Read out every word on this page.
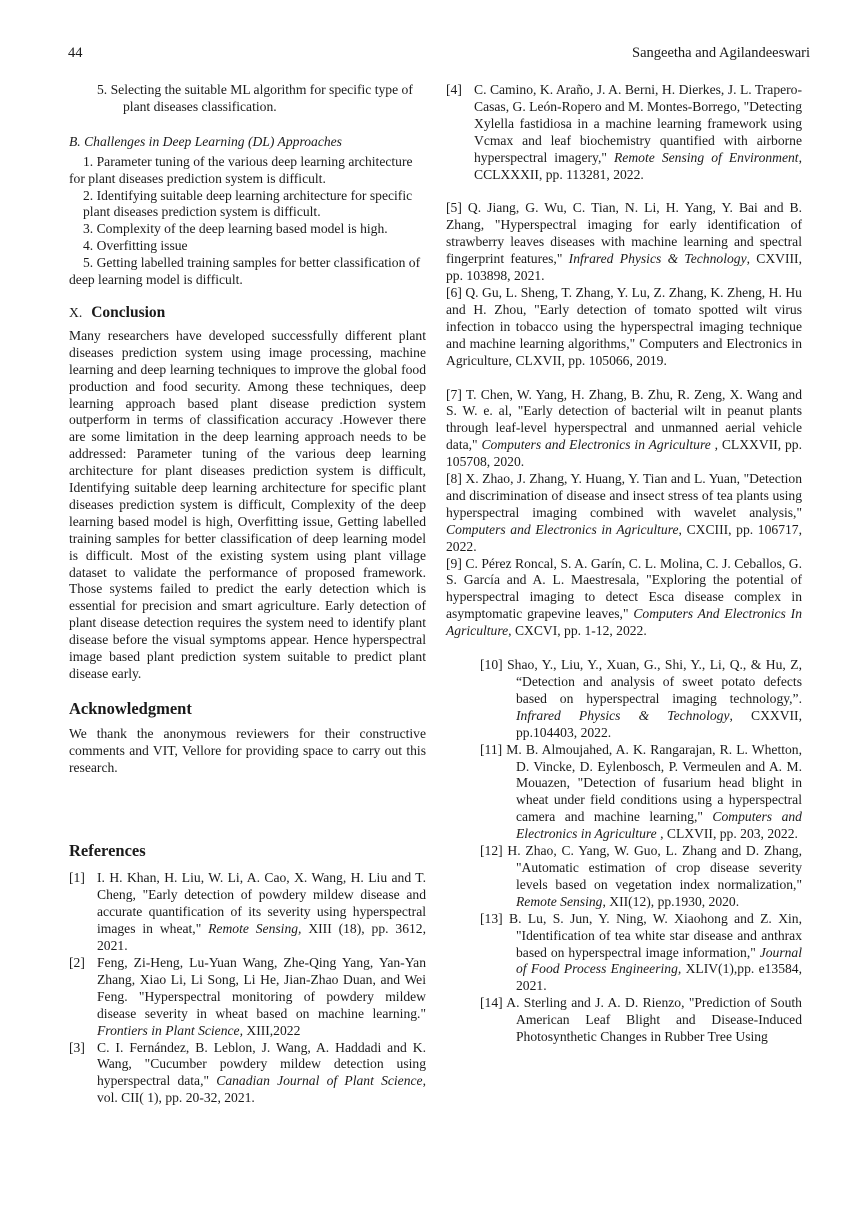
44	Sangeetha and Agilandeeswari

5. Selecting the suitable ML algorithm for specific type of plant diseases classification.

B. Challenges in Deep Learning (DL) Approaches

1. Parameter tuning of the various deep learning architecture for plant diseases prediction system is difficult.

2. Identifying suitable deep learning architecture for specific plant diseases prediction system is difficult.

3. Complexity of the deep learning based model is high.

4. Overfitting issue

5. Getting labelled training samples for better classification of deep learning model is difficult.

X. Conclusion

Many researchers have developed successfully different plant diseases prediction system using image processing, machine learning and deep learning techniques to improve the global food production and food security. Among these techniques, deep learning approach based plant disease prediction system outperform in terms of classification accuracy .However there are some limitation in the deep learning approach needs to be addressed: Parameter tuning of the various deep learning architecture for plant diseases prediction system is difficult, Identifying suitable deep learning architecture for specific plant diseases prediction system is difficult, Complexity of the deep learning based model is high, Overfitting issue, Getting labelled training samples for better classification of deep learning model is difficult. Most of the existing system using plant village dataset to validate the performance of proposed framework. Those systems failed to predict the early detection which is essential for precision and smart agriculture. Early detection of plant disease detection requires the system need to identify plant disease before the visual symptoms appear. Hence hyperspectral image based plant prediction system suitable to predict plant disease early.

Acknowledgment

We thank the anonymous reviewers for their constructive comments and VIT, Vellore for providing space to carry out this research.

References

[1] I. H. Khan, H. Liu, W. Li, A. Cao, X. Wang, H. Liu and T. Cheng, "Early detection of powdery mildew disease and accurate quantification of its severity using hyperspectral images in wheat," Remote Sensing, XIII (18), pp. 3612, 2021.
[2] Feng, Zi-Heng, Lu-Yuan Wang, Zhe-Qing Yang, Yan-Yan Zhang, Xiao Li, Li Song, Li He, Jian-Zhao Duan, and Wei Feng. "Hyperspectral monitoring of powdery mildew disease severity in wheat based on machine learning." Frontiers in Plant Science, XIII,2022
[3] C. I. Fernández, B. Leblon, J. Wang, A. Haddadi and K. Wang, "Cucumber powdery mildew detection using hyperspectral data," Canadian Journal of Plant Science, vol. CII( 1), pp. 20-32, 2021.
[4] C. Camino, K. Araño, J. A. Berni, H. Dierkes, J. L. Trapero-Casas, G. León-Ropero and M. Montes-Borrego, "Detecting Xylella fastidiosa in a machine learning framework using Vcmax and leaf biochemistry quantified with airborne hyperspectral imagery," Remote Sensing of Environment, CCLXXXII, pp. 113281, 2022.

[5] Q. Jiang, G. Wu, C. Tian, N. Li, H. Yang, Y. Bai and B. Zhang, "Hyperspectral imaging for early identification of strawberry leaves diseases with machine learning and spectral fingerprint features," Infrared Physics & Technology, CXVIII, pp. 103898, 2021.

[6] Q. Gu, L. Sheng, T. Zhang, Y. Lu, Z. Zhang, K. Zheng, H. Hu and H. Zhou, "Early detection of tomato spotted wilt virus infection in tobacco using the hyperspectral imaging technique and machine learning algorithms," Computers and Electronics in Agriculture, CLXVII, pp. 105066, 2019.

[7] T. Chen, W. Yang, H. Zhang, B. Zhu, R. Zeng, X. Wang and S. W. e. al, "Early detection of bacterial wilt in peanut plants through leaf-level hyperspectral and unmanned aerial vehicle data," Computers and Electronics in Agriculture , CLXXVII, pp. 105708, 2020.

[8] X. Zhao, J. Zhang, Y. Huang, Y. Tian and L. Yuan, "Detection and discrimination of disease and insect stress of tea plants using hyperspectral imaging combined with wavelet analysis," Computers and Electronics in Agriculture, CXCIII, pp. 106717, 2022.

[9] C. Pérez Roncal, S. A. Garín, C. L. Molina, C. J. Ceballos, G. S. García and A. L. Maestresala, "Exploring the potential of hyperspectral imaging to detect Esca disease complex in asymptomatic grapevine leaves," Computers And Electronics In Agriculture, CXCVI, pp. 1-12, 2022.

[10] Shao, Y., Liu, Y., Xuan, G., Shi, Y., Li, Q., & Hu, Z, “Detection and analysis of sweet potato defects based on hyperspectral imaging technology,”. Infrared Physics & Technology, CXXVII, pp.104403, 2022.

[11] M. B. Almoujahed, A. K. Rangarajan, R. L. Whetton, D. Vincke, D. Eylenbosch, P. Vermeulen and A. M. Mouazen, "Detection of fusarium head blight in wheat under field conditions using a hyperspectral camera and machine learning," Computers and Electronics in Agriculture , CLXVII, pp. 203, 2022.

[12] H. Zhao, C. Yang, W. Guo, L. Zhang and D. Zhang, "Automatic estimation of crop disease severity levels based on vegetation index normalization," Remote Sensing, XII(12), pp.1930, 2020.

[13] B. Lu, S. Jun, Y. Ning, W. Xiaohong and Z. Xin, "Identification of tea white star disease and anthrax based on hyperspectral image information," Journal of Food Process Engineering, XLIV(1),pp. e13584, 2021.

[14] A. Sterling and J. A. D. Rienzo, "Prediction of South American Leaf Blight and Disease-Induced Photosynthetic Changes in Rubber Tree Using
